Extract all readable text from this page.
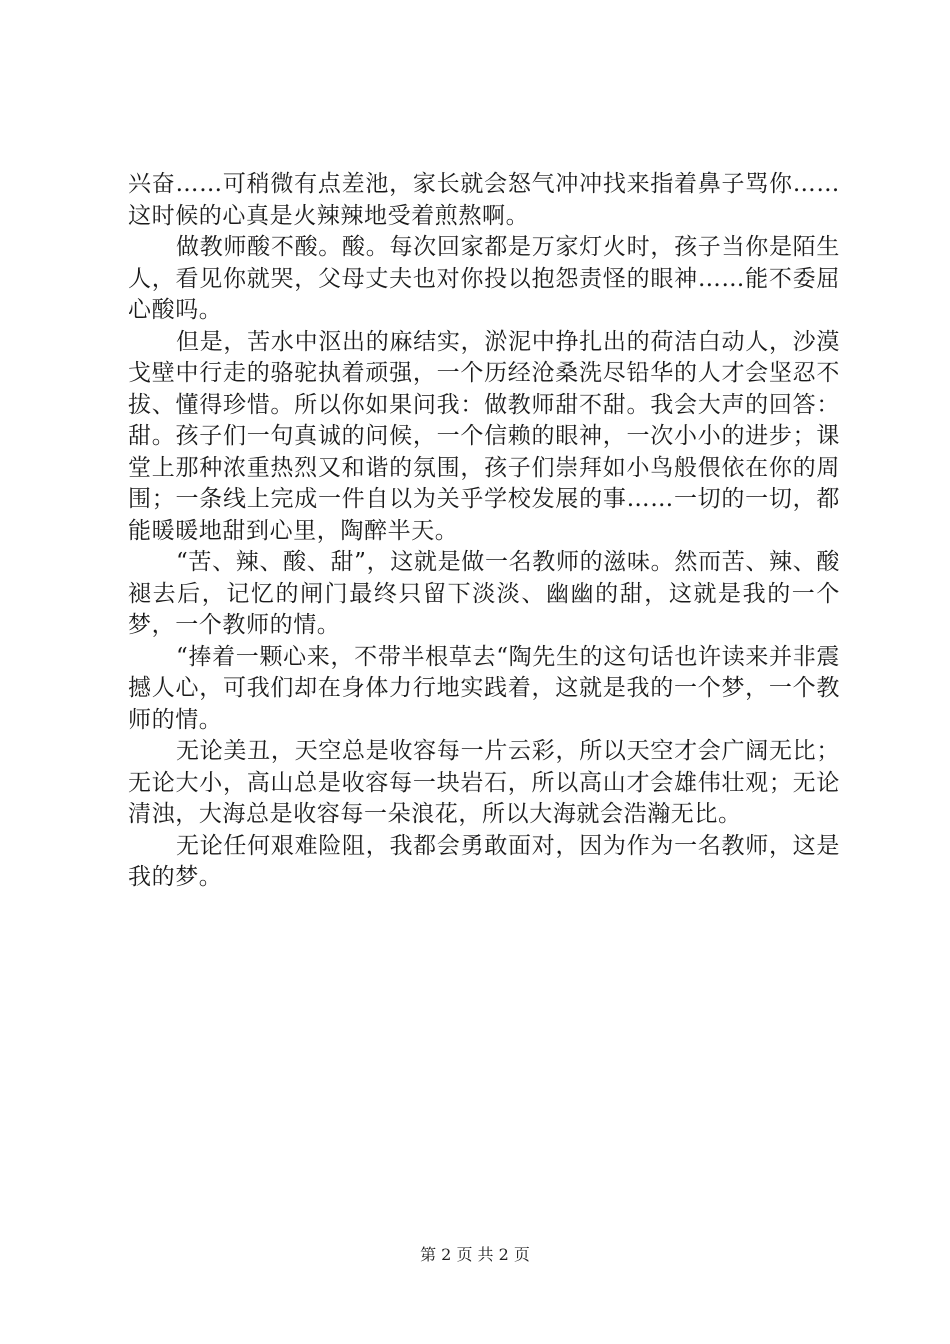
兴奋……可稍微有点差池，家长就会怒气冲冲找来指着鼻子骂你……这时候的心真是火辣辣地受着煎熬啊。

做教师酸不酸。酸。每次回家都是万家灯火时，孩子当你是陌生人，看见你就哭，父母丈夫也对你投以抱怨责怪的眼神……能不委屈心酸吗。

但是，苦水中沤出的麻结实，淤泥中挣扎出的荷洁白动人，沙漠戈壁中行走的骆驼执着顽强，一个历经沧桑洗尽铅华的人才会坚忍不拔、懂得珍惜。所以你如果问我：做教师甜不甜。我会大声的回答：甜。孩子们一句真诚的问候，一个信赖的眼神，一次小小的进步；课堂上那种浓重热烈又和谐的氛围，孩子们崇拜如小鸟般偎依在你的周围；一条线上完成一件自以为关乎学校发展的事……一切的一切，都能暖暖地甜到心里，陶醉半天。

“苦、辣、酸、甜”，这就是做一名教师的滋味。然而苦、辣、酸褪去后，记忆的闸门最终只留下淡淡、幽幽的甜，这就是我的一个梦，一个教师的情。

“捧着一颗心来，不带半根草去“陶先生的这句话也许读来并非震撼人心，可我们却在身体力行地实践着，这就是我的一个梦，一个教师的情。

无论美丑，天空总是收容每一片云彩，所以天空才会广阔无比；无论大小，高山总是收容每一块岩石，所以高山才会雄伟壮观；无论清浊，大海总是收容每一朵浪花，所以大海就会浩瀚无比。

无论任何艰难险阻，我都会勇敢面对，因为作为一名教师，这是我的梦。

第 2 页 共 2 页
